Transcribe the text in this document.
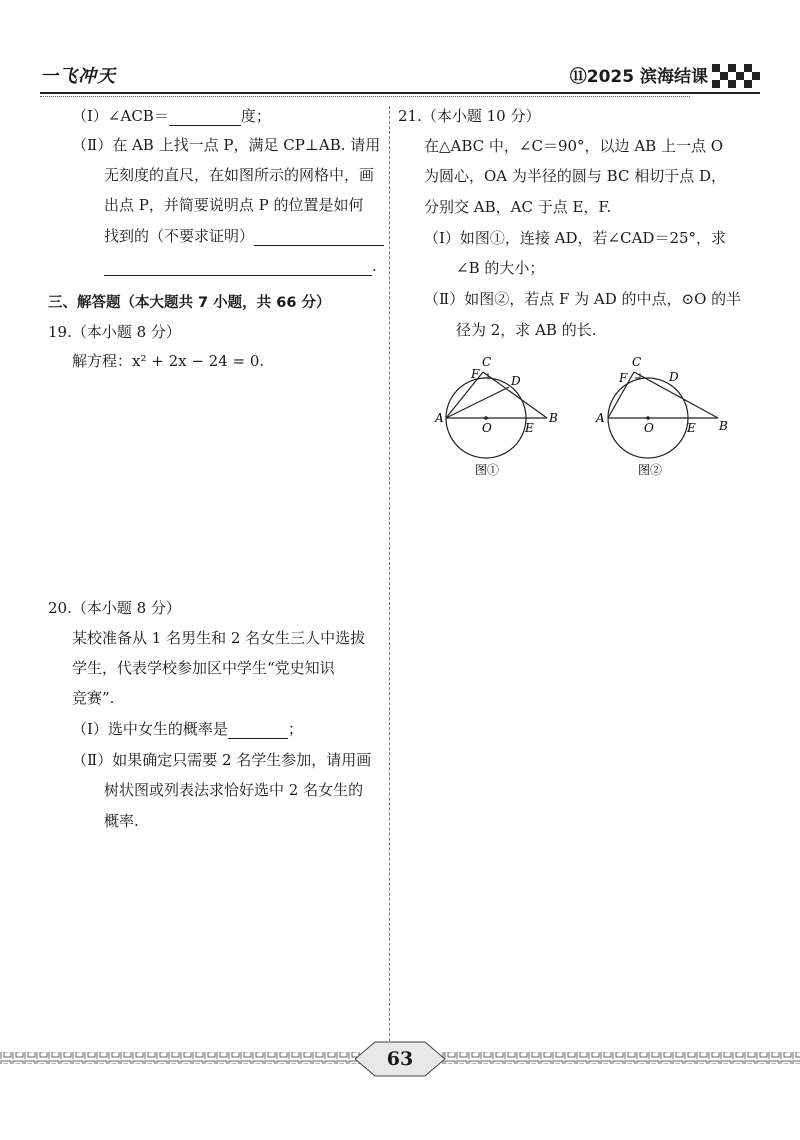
一飞冲天	⑪2025 滨海结课
（Ⅰ）∠ACB＝	度；
（Ⅱ）在 AB 上找一点 P，满足 CP⊥AB. 请用
无刻度的直尺，在如图所示的网格中，画
出点 P，并简要说明点 P 的位置是如何
找到的（不要求证明）
.
三、解答题（本大题共 7 小题，共 66 分）
19.（本小题 8 分）
解方程：x² + 2x − 24 = 0.
20.（本小题 8 分）
某校准备从 1 名男生和 2 名女生三人中选拔
学生，代表学校参加区中学生“党史知识
竞赛”.
（Ⅰ）选中女生的概率是	；
（Ⅱ）如果确定只需要 2 名学生参加，请用画
树状图或列表法求恰好选中 2 名女生的
概率.
21.（本小题 10 分）
在△ABC 中，∠C＝90°，以边 AB 上一点 O
为圆心，OA 为半径的圆与 BC 相切于点 D，
分别交 AB，AC 于点 E，F.
（Ⅰ）如图①，连接 AD，若∠CAD＝25°，求
∠B 的大小；
（Ⅱ）如图②，若点 F 为 AD 的中点，⊙O 的半
径为 2，求 AB 的长.
C
F	D
A
O	E
B
图①
C
F	D
A
O	E B
图②
63
